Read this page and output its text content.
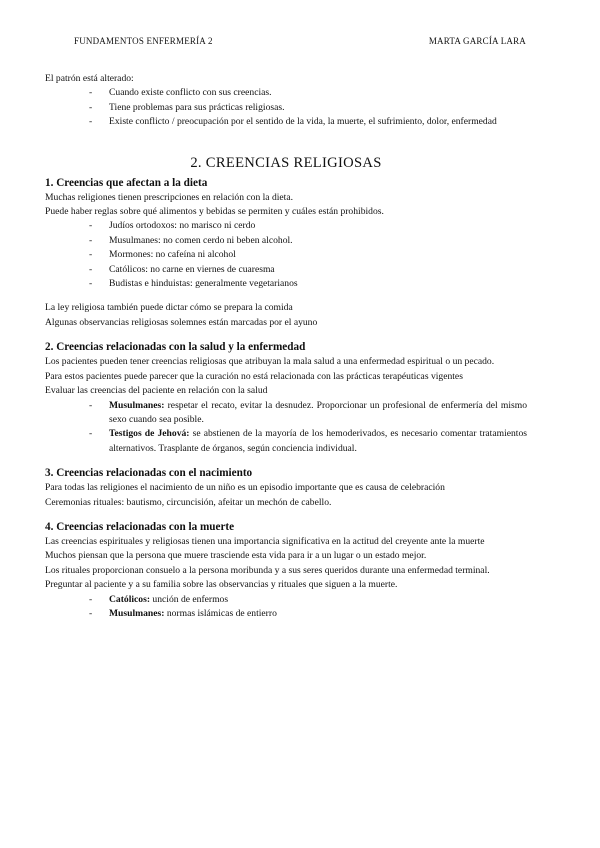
FUNDAMENTOS ENFERMERÍA 2	MARTA GARCÍA LARA

El patrón está alterado:

- Cuando existe conflicto con sus creencias.
- Tiene problemas para sus prácticas religiosas.
- Existe conflicto / preocupación por el sentido de la vida, la muerte, el sufrimiento, dolor, enfermedad
2. CREENCIAS RELIGIOSAS

1. Creencias que afectan a la dieta

Muchas religiones tienen prescripciones en relación con la dieta.

Puede haber reglas sobre qué alimentos y bebidas se permiten y cuáles están prohibidos.

- Judíos ortodoxos: no marisco ni cerdo
- Musulmanes: no comen cerdo ni beben alcohol.
- Mormones: no cafeína ni alcohol
- Católicos: no carne en viernes de cuaresma
- Budistas e hinduistas: generalmente vegetarianos

La ley religiosa también puede dictar cómo se prepara la comida

Algunas observancias religiosas solemnes están marcadas por el ayuno

2. Creencias relacionadas con la salud y la enfermedad

Los pacientes pueden tener creencias religiosas que atribuyan la mala salud a una enfermedad espiritual o un pecado.

Para estos pacientes puede parecer que la curación no está relacionada con las prácticas terapéuticas vigentes

Evaluar las creencias del paciente en relación con la salud

- Musulmanes: respetar el recato, evitar la desnudez. Proporcionar un profesional de enfermería del mismo sexo cuando sea posible.
- Testigos de Jehová: se abstienen de la mayoría de los hemoderivados, es necesario comentar tratamientos alternativos. Trasplante de órganos, según conciencia individual.

3. Creencias relacionadas con el nacimiento

Para todas las religiones el nacimiento de un niño es un episodio importante que es causa de celebración

Ceremonias rituales: bautismo, circuncisión, afeitar un mechón de cabello.

4. Creencias relacionadas con la muerte

Las creencias espirituales y religiosas tienen una importancia significativa en la actitud del creyente ante la muerte

Muchos piensan que la persona que muere trasciende esta vida para ir a un lugar o un estado mejor.

Los rituales proporcionan consuelo a la persona moribunda y a sus seres queridos durante una enfermedad terminal.

Preguntar al paciente y a su familia sobre las observancias y rituales que siguen a la muerte.

- Católicos: unción de enfermos
- Musulmanes: normas islámicas de entierro
